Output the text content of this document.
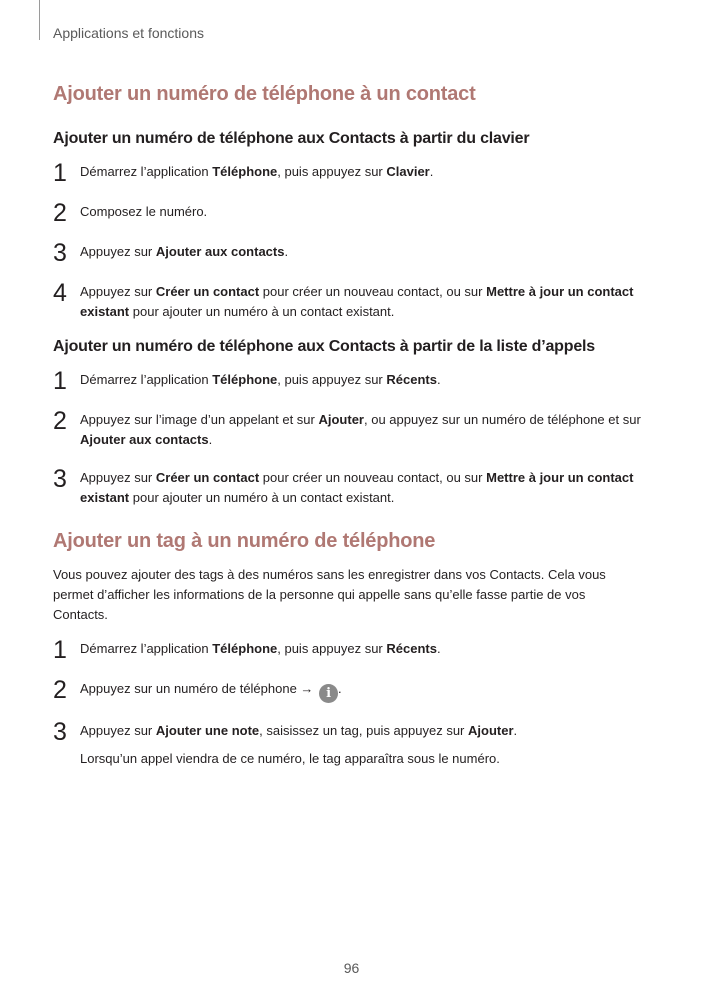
Applications et fonctions
Ajouter un numéro de téléphone à un contact
Ajouter un numéro de téléphone aux Contacts à partir du clavier
1	Démarrez l’application Téléphone, puis appuyez sur Clavier.
2	Composez le numéro.
3	Appuyez sur Ajouter aux contacts.
4	Appuyez sur Créer un contact pour créer un nouveau contact, ou sur Mettre à jour un contact existant pour ajouter un numéro à un contact existant.
Ajouter un numéro de téléphone aux Contacts à partir de la liste d’appels
1	Démarrez l’application Téléphone, puis appuyez sur Récents.
2	Appuyez sur l’image d’un appelant et sur Ajouter, ou appuyez sur un numéro de téléphone et sur Ajouter aux contacts.
3	Appuyez sur Créer un contact pour créer un nouveau contact, ou sur Mettre à jour un contact existant pour ajouter un numéro à un contact existant.
Ajouter un tag à un numéro de téléphone

Vous pouvez ajouter des tags à des numéros sans les enregistrer dans vos Contacts. Cela vous permet d’afficher les informations de la personne qui appelle sans qu’elle fasse partie de vos Contacts.

1	Démarrez l’application Téléphone, puis appuyez sur Récents.
2	Appuyez sur un numéro de téléphone → i .
3	Appuyez sur Ajouter une note, saisissez un tag, puis appuyez sur Ajouter.
Lorsqu’un appel viendra de ce numéro, le tag apparaîtra sous le numéro.
96
